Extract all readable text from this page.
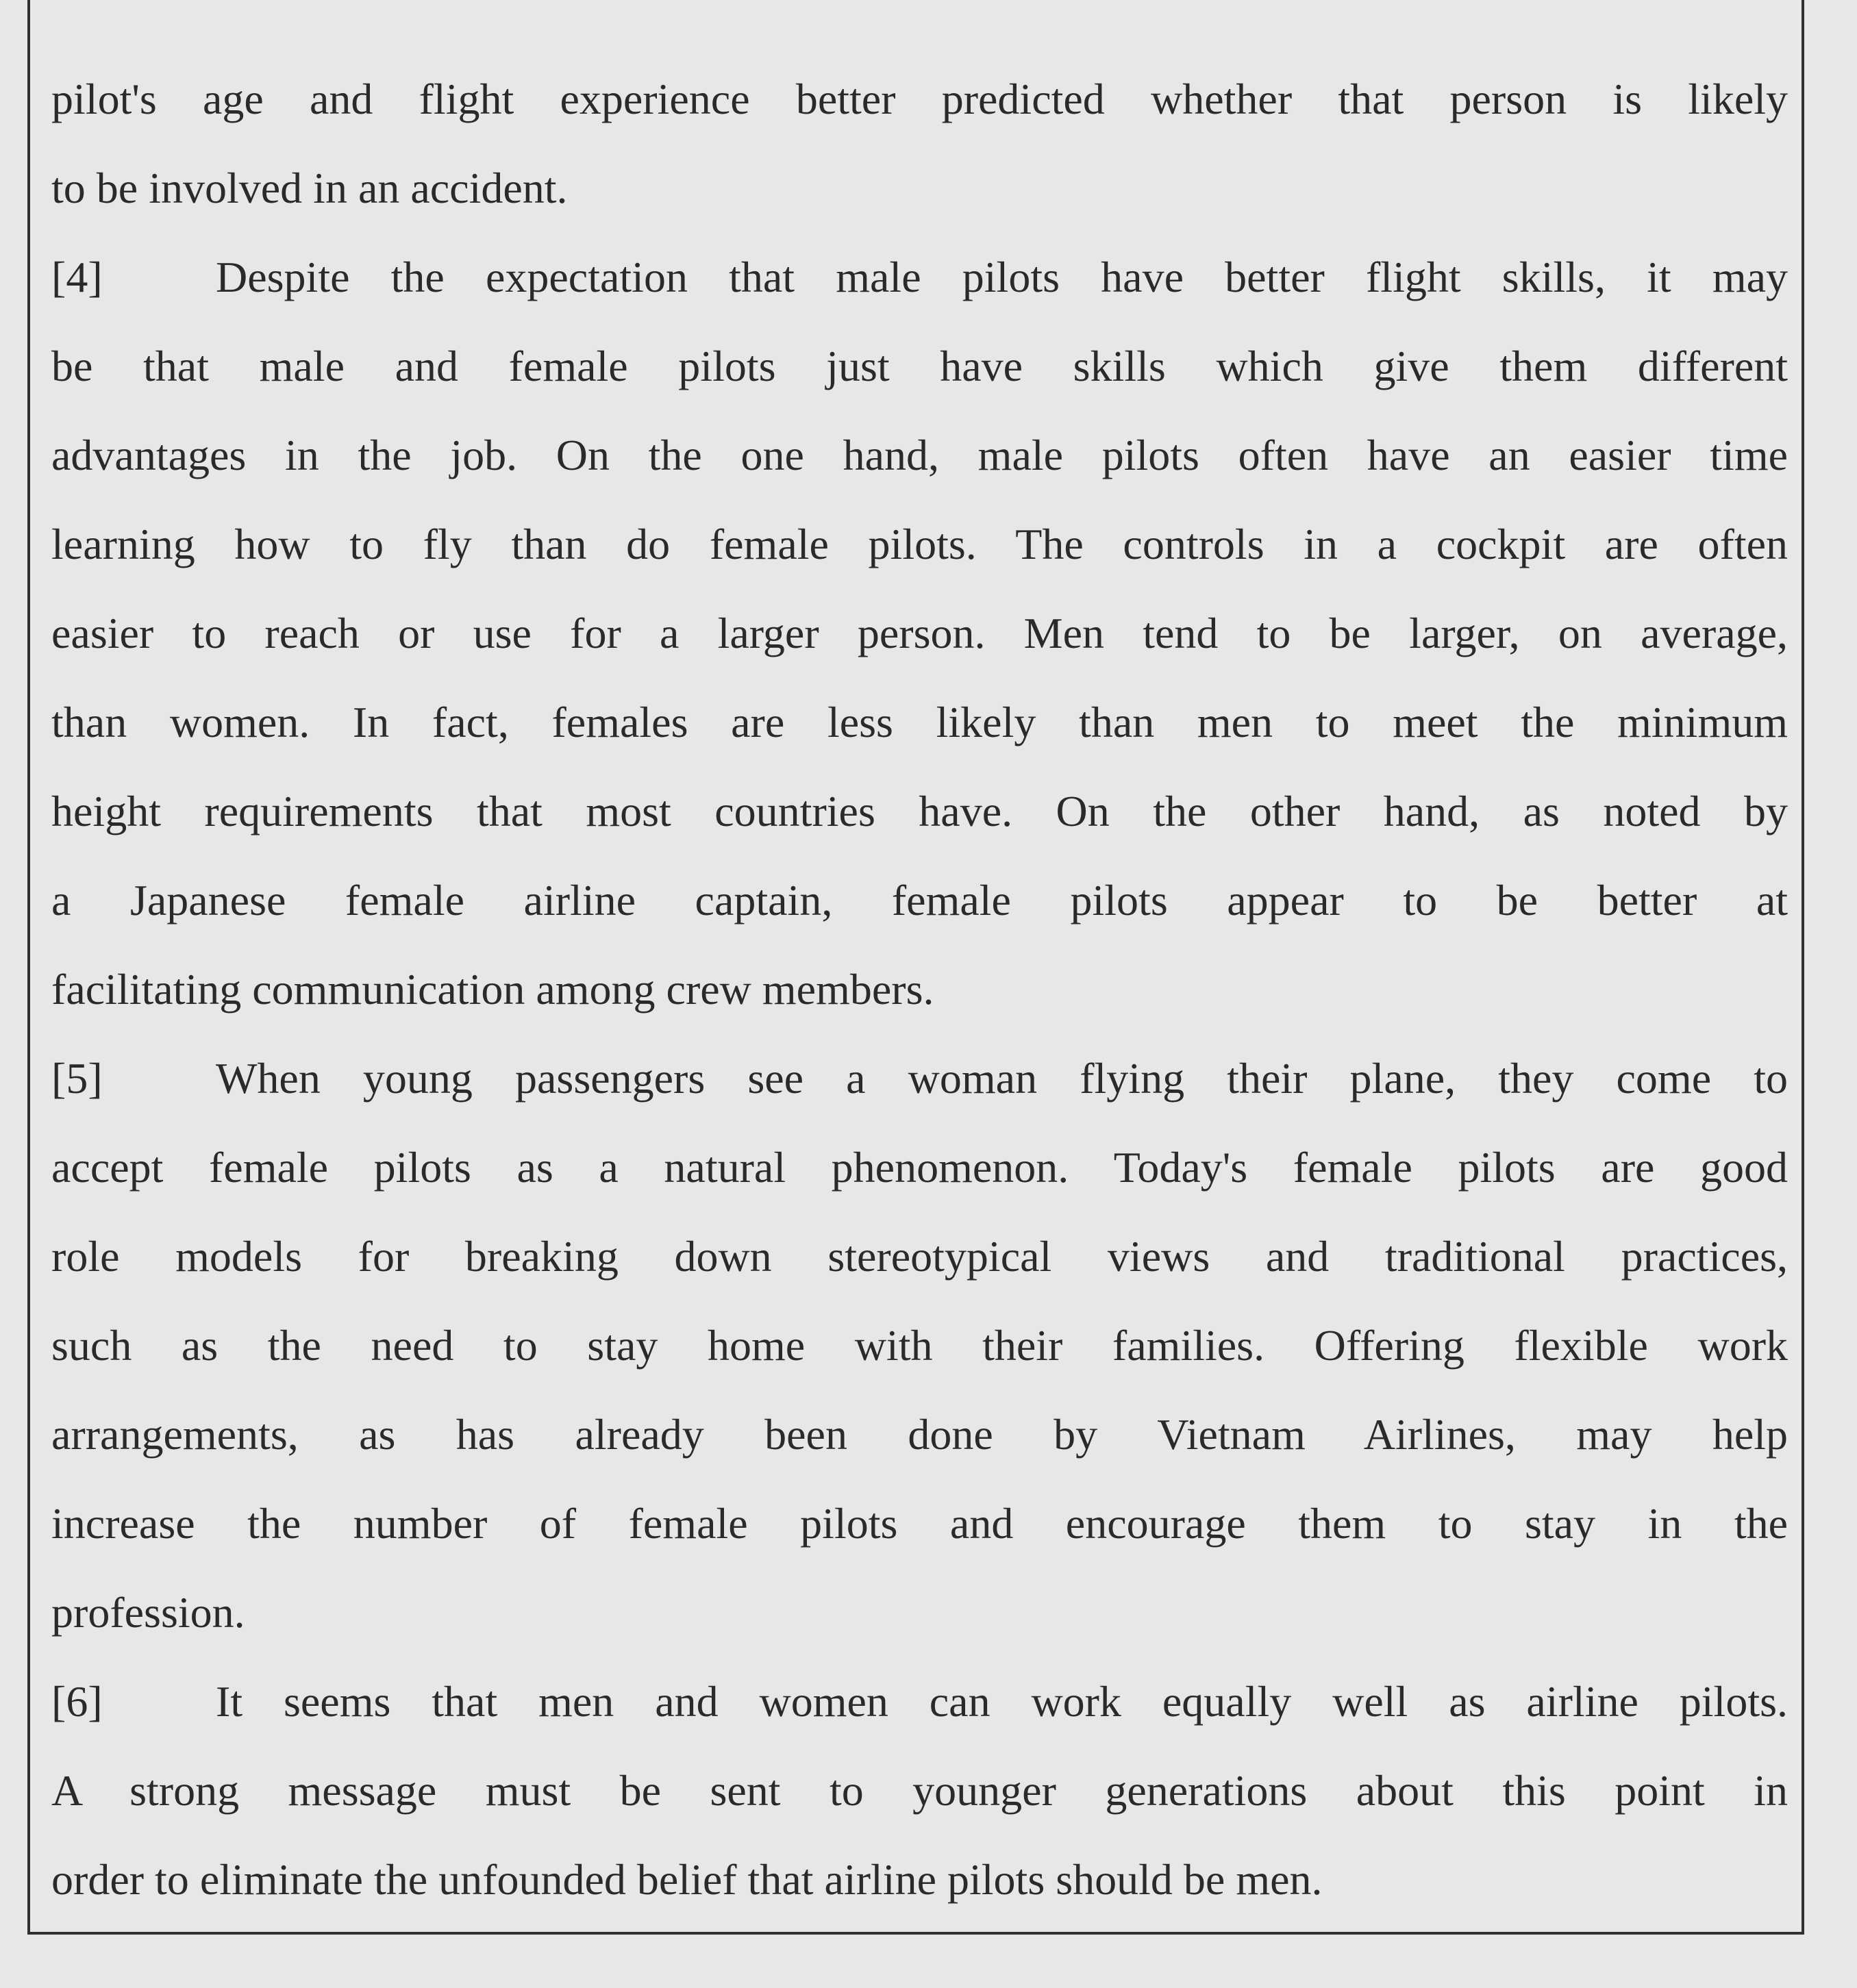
pilot's age and flight experience better predicted whether that person is likely
to be involved in an accident.
[4]	Despite the expectation that male pilots have better flight skills, it may
be that male and female pilots just have skills which give them different
advantages in the job. On the one hand, male pilots often have an easier time
learning how to fly than do female pilots. The controls in a cockpit are often
easier to reach or use for a larger person. Men tend to be larger, on average,
than women. In fact, females are less likely than men to meet the minimum
height requirements that most countries have. On the other hand, as noted by
a Japanese female airline captain, female pilots appear to be better at
facilitating communication among crew members.
[5]	When young passengers see a woman flying their plane, they come to
accept female pilots as a natural phenomenon. Today's female pilots are good
role models for breaking down stereotypical views and traditional practices,
such as the need to stay home with their families. Offering flexible work
arrangements, as has already been done by Vietnam Airlines, may help
increase the number of female pilots and encourage them to stay in the
profession.
[6]	It seems that men and women can work equally well as airline pilots.
A strong message must be sent to younger generations about this point in
order to eliminate the unfounded belief that airline pilots should be men.
